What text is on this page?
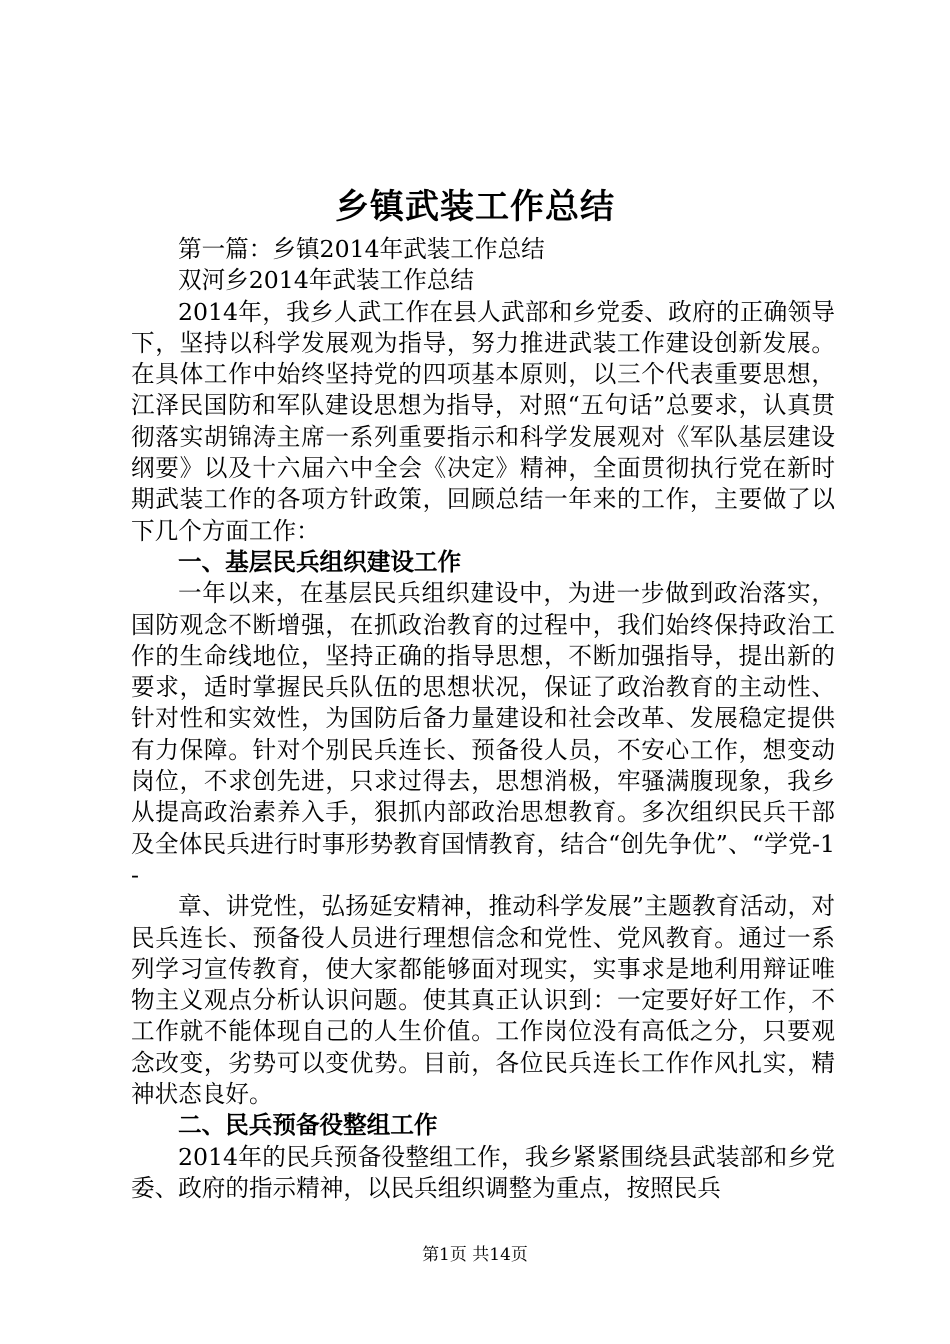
乡镇武装工作总结

第一篇：乡镇2014年武装工作总结

双河乡2014年武装工作总结

2014年，我乡人武工作在县人武部和乡党委、政府的正确领导下，坚持以科学发展观为指导，努力推进武装工作建设创新发展。在具体工作中始终坚持党的四项基本原则，以三个代表重要思想，江泽民国防和军队建设思想为指导，对照“五句话”总要求，认真贯彻落实胡锦涛主席一系列重要指示和科学发展观对《军队基层建设纲要》以及十六届六中全会《决定》精神，全面贯彻执行党在新时期武装工作的各项方针政策，回顾总结一年来的工作，主要做了以下几个方面工作：

一、基层民兵组织建设工作

一年以来，在基层民兵组织建设中，为进一步做到政治落实，国防观念不断增强，在抓政治教育的过程中，我们始终保持政治工作的生命线地位，坚持正确的指导思想，不断加强指导，提出新的要求，适时掌握民兵队伍的思想状况，保证了政治教育的主动性、针对性和实效性，为国防后备力量建设和社会改革、发展稳定提供有力保障。针对个别民兵连长、预备役人员，不安心工作，想变动岗位，不求创先进，只求过得去，思想消极，牢骚满腹现象，我乡从提高政治素养入手，狠抓内部政治思想教育。多次组织民兵干部及全体民兵进行时事形势教育国情教育，结合“创先争优”、“学党-1-

章、讲党性，弘扬延安精神，推动科学发展”主题教育活动，对民兵连长、预备役人员进行理想信念和党性、党风教育。通过一系列学习宣传教育，使大家都能够面对现实，实事求是地利用辩证唯物主义观点分析认识问题。使其真正认识到：一定要好好工作，不工作就不能体现自己的人生价值。工作岗位没有高低之分，只要观念改变，劣势可以变优势。目前，各位民兵连长工作作风扎实，精神状态良好。

二、民兵预备役整组工作

2014年的民兵预备役整组工作，我乡紧紧围绕县武装部和乡党委、政府的指示精神，以民兵组织调整为重点，按照民兵

第1页 共14页
